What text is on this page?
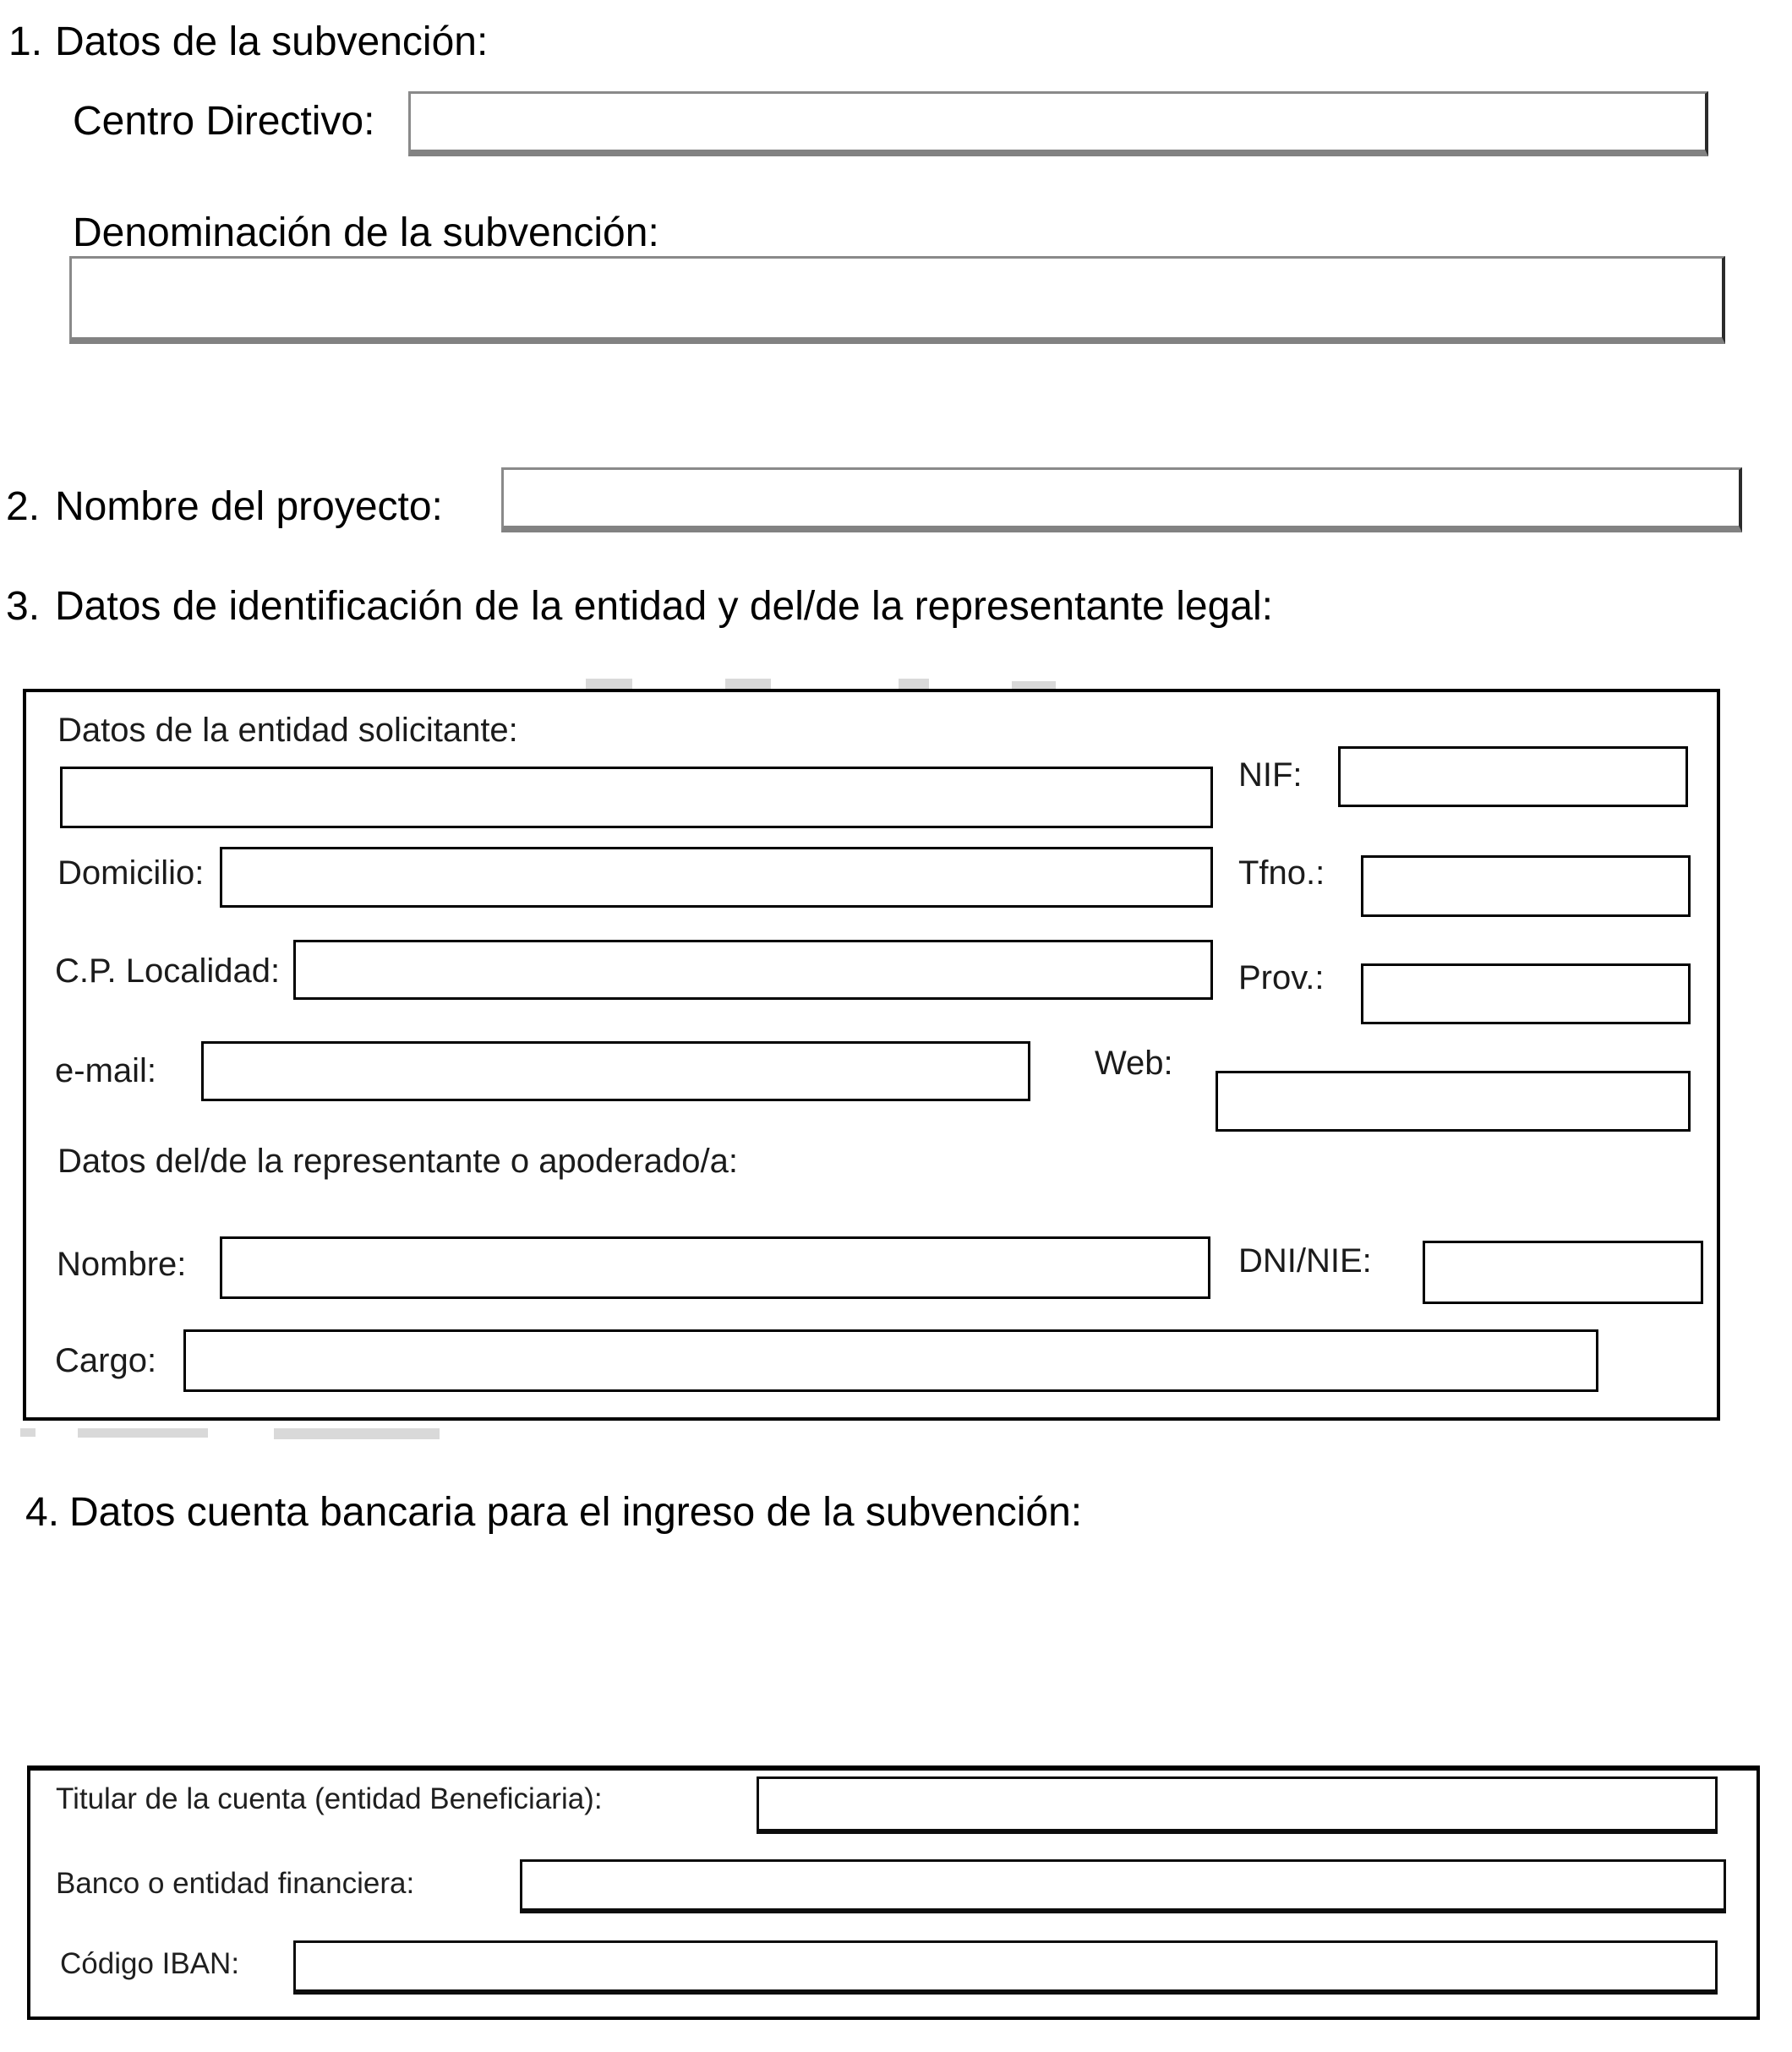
1. Datos de la subvención:
Centro Directivo:
Denominación de la subvención:
2. Nombre del proyecto:
3. Datos de identificación de la entidad y del/de la representante legal:
Datos de la entidad solicitante:
NIF:
Domicilio:	Tfno.:
C.P. Localidad:	Prov.:
e-mail:	Web:
Datos del/de la representante o apoderado/a:
Nombre:	DNI/NIE:
Cargo:
4. Datos cuenta bancaria para el ingreso de la subvención:
Titular de la cuenta (entidad Beneficiaria):
Banco o entidad financiera:
Código IBAN:
